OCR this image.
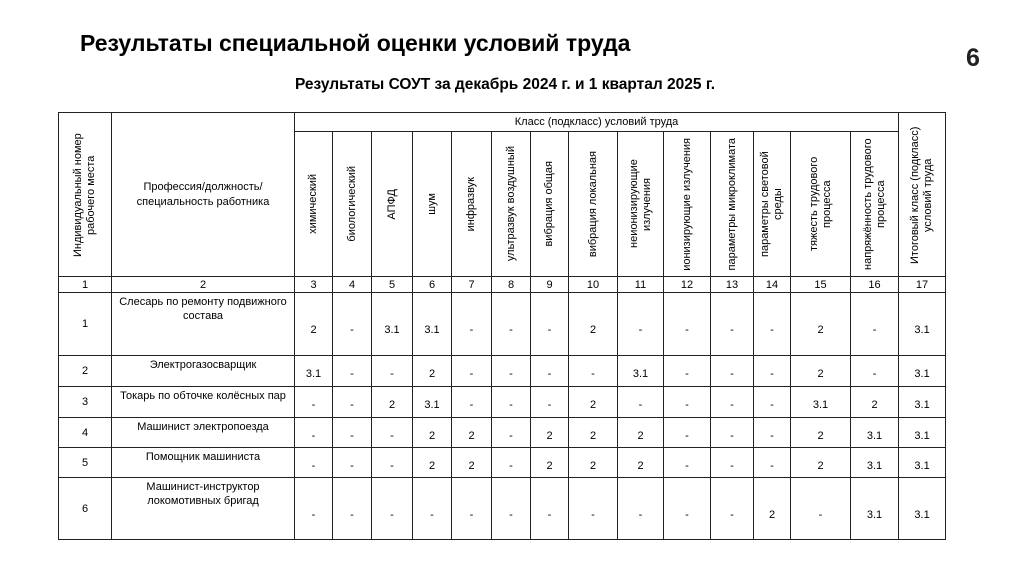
Результаты специальной оценки условий труда
Результаты СОУТ за декабрь 2024 г. и 1 квартал 2025 г.
6
Индивидуальный номер рабочего места	Профессия/должность/ специальность работника	Класс (подкласс) условий труда														Итоговый класс (подкласс) условий труда

		химический	биологический	АПФД	шум	инфразвук	ультразвук воздушный	вибрация общая	вибрация локальная	неионизирующие излучения	ионизирующие излучения	параметры микроклимата	параметры световой среды	тяжесть трудового процесса	напряжённость трудового процесса	

1	2	3	4	5	6	7	8	9	10	11	12	13	14	15	16	17
1	Слесарь по ремонту подвижного состава	2	-	3.1	3.1	-	-	-	2	-	-	-	-	2	-	3.1
2	Электрогазосварщик	3.1	-	-	2	-	-	-	-	3.1	-	-	-	2	-	3.1
3	Токарь по обточке колёсных пар	-	-	2	3.1	-	-	-	2	-	-	-	-	3.1	2	3.1
4	Машинист электропоезда	-	-	-	2	2	-	2	2	2	-	-	-	2	3.1	3.1
5	Помощник машиниста	-	-	-	2	2	-	2	2	2	-	-	-	2	3.1	3.1
6	Машинист-инструктор локомотивных бригад	-	-	-	-	-	-	-	-	-	-	-	2	-	3.1	3.1
